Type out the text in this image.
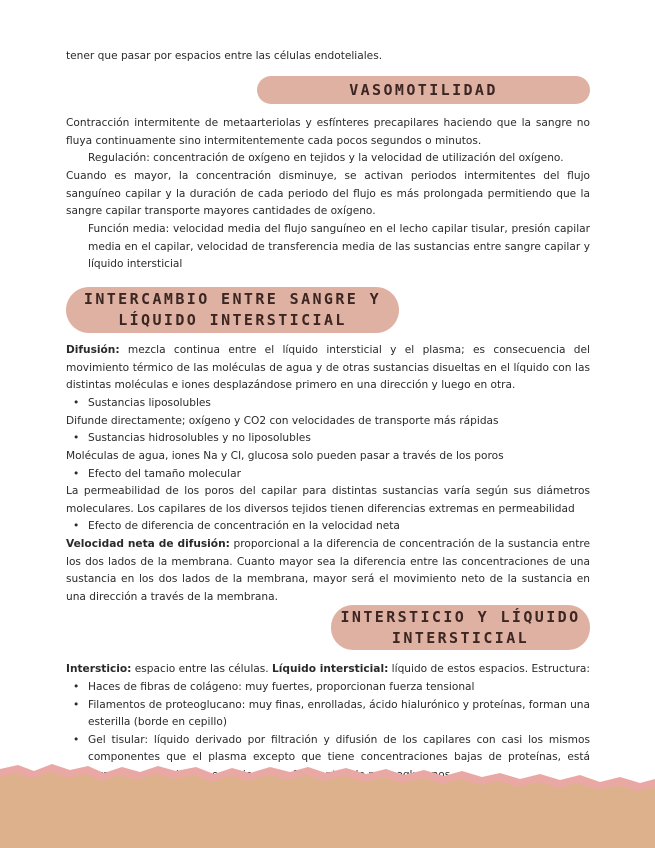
tener que pasar por espacios entre las células endoteliales.

VASOMOTILIDAD

Contracción intermitente de metaarteriolas y esfínteres precapilares haciendo que la sangre no fluya continuamente sino intermitentemente cada pocos segundos o minutos.

Regulación: concentración de oxígeno en tejidos y la velocidad de utilización del oxígeno.

Cuando es mayor, la concentración disminuye, se activan periodos intermitentes del flujo sanguíneo capilar y la duración de cada periodo del flujo es más prolongada permitiendo que la sangre capilar transporte mayores cantidades de oxígeno.

Función media: velocidad media del flujo sanguíneo en el lecho capilar tisular, presión capilar media en el capilar, velocidad de transferencia media de las sustancias entre sangre capilar y líquido intersticial

INTERCAMBIO ENTRE SANGRE Y
LÍQUIDO INTERSTICIAL

Difusión: mezcla continua entre el líquido intersticial y el plasma; es consecuencia del movimiento térmico de las moléculas de agua y de otras sustancias disueltas en el líquido con las distintas moléculas e iones desplazándose primero en una dirección y luego en otra.

• Sustancias liposolubles

Difunde directamente; oxígeno y CO2 con velocidades de transporte más rápidas

• Sustancias hidrosolubles y no liposolubles

Moléculas de agua, iones Na y Cl, glucosa solo pueden pasar a través de los poros

• Efecto del tamaño molecular

La permeabilidad de los poros del capilar para distintas sustancias varía según sus diámetros moleculares. Los capilares de los diversos tejidos tienen diferencias extremas en permeabilidad

• Efecto de diferencia de concentración en la velocidad neta

Velocidad neta de difusión: proporcional a la diferencia de concentración de la sustancia entre los dos lados de la membrana. Cuanto mayor sea la diferencia entre las concentraciones de una sustancia en los dos lados de la membrana, mayor será el movimiento neto de la sustancia en una dirección a través de la membrana.

INTERSTICIO Y LÍQUIDO
INTERSTICIAL

Intersticio: espacio entre las células. Líquido intersticial: líquido de estos espacios. Estructura:

• Haces de fibras de colágeno: muy fuertes, proporcionan fuerza tensional
• Filamentos de proteoglucano: muy finas, enrolladas, ácido hialurónico y proteínas, forman una esterilla (borde en cepillo)
• Gel tisular: líquido derivado por filtración y difusión de los capilares con casi los mismos componentes que el plasma excepto que tiene concentraciones bajas de proteínas, está
